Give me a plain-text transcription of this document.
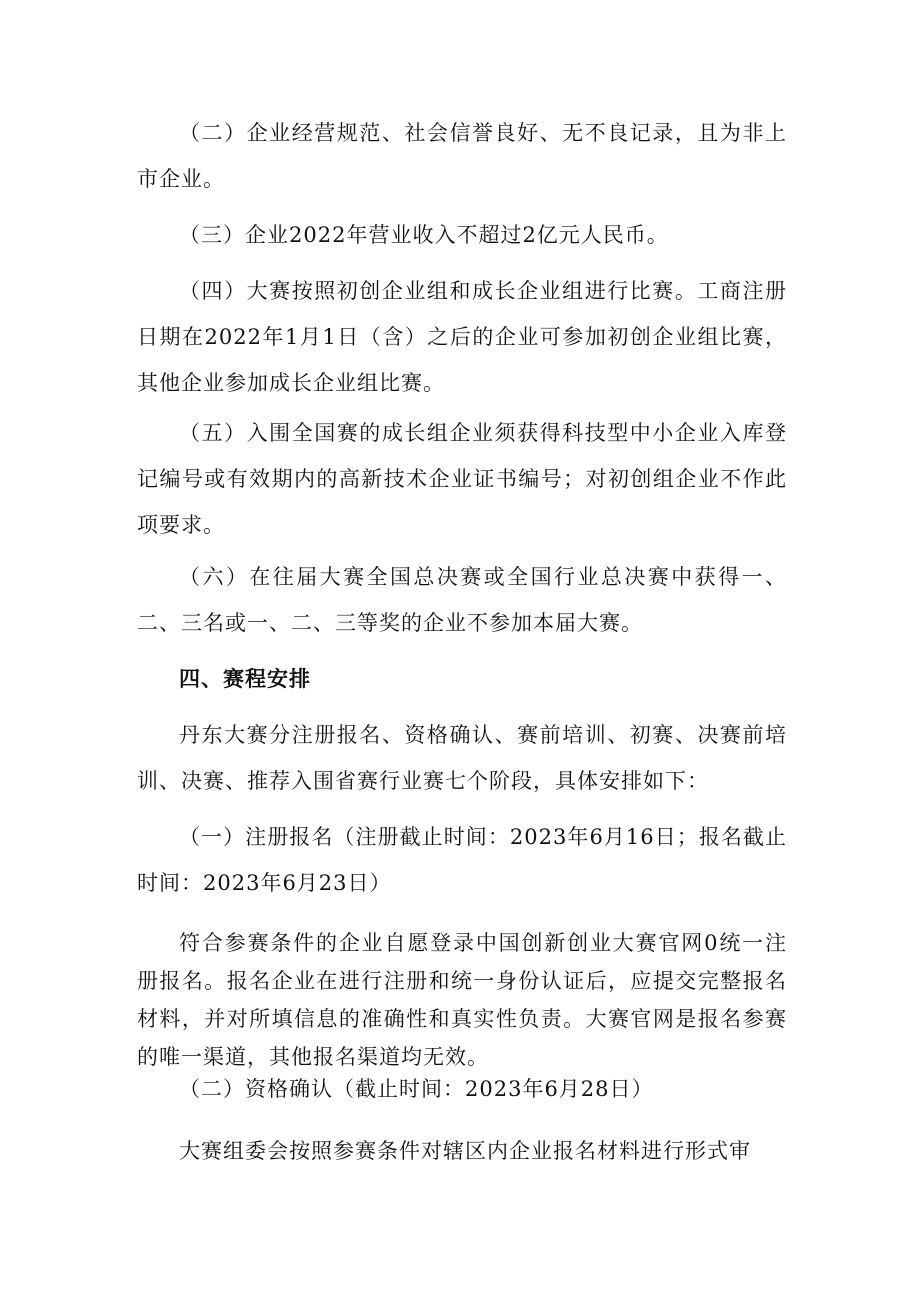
（二）企业经营规范、社会信誉良好、无不良记录，且为非上市企业。

（三）企业2022年营业收入不超过2亿元人民币。

（四）大赛按照初创企业组和成长企业组进行比赛。工商注册日期在2022年1月1日（含）之后的企业可参加初创企业组比赛，其他企业参加成长企业组比赛。

（五）入围全国赛的成长组企业须获得科技型中小企业入库登记编号或有效期内的高新技术企业证书编号；对初创组企业不作此项要求。

（六）在往届大赛全国总决赛或全国行业总决赛中获得一、二、三名或一、二、三等奖的企业不参加本届大赛。

四、赛程安排

丹东大赛分注册报名、资格确认、赛前培训、初赛、决赛前培训、决赛、推荐入围省赛行业赛七个阶段，具体安排如下：

（一）注册报名（注册截止时间：2023年6月16日；报名截止时间：2023年6月23日）

符合参赛条件的企业自愿登录中国创新创业大赛官网0统一注册报名。报名企业在进行注册和统一身份认证后，应提交完整报名材料，并对所填信息的准确性和真实性负责。大赛官网是报名参赛的唯一渠道，其他报名渠道均无效。

（二）资格确认（截止时间：2023年6月28日）

大赛组委会按照参赛条件对辖区内企业报名材料进行形式审
